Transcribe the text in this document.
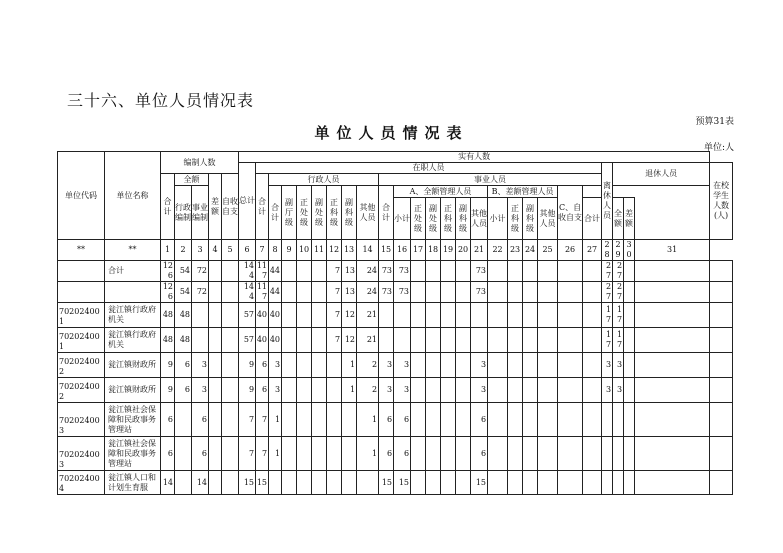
三十六、单位人员情况表
预算31表
单位人员情况表
单位:人
单位代码	单位名称	编制人数					实有人数																										
							总计	在职人员																					离休人员	退休人员			在校学生人数(人)
		合计	全额		差额	自收自支		合计	行政人员							事业人员																	
			行政编制	事业编制					合计	副厅级	正处级	副处级	正科级	副科级	其他人员	合计	A、全额管理人员						B、差额管理人员				C、自收自支						
																	小计	正处级	副处级	正科级	副科级	其他人员	小计	正科级	副科级	其他人员		合计		全额	差额		
**	**	1	2	3	4	5	6	7	8	9	10	11	12	13	14	15	16	17	18	19	20	21	22	23	24	25	26	27	28	29	30	31	
	合计	126	54	72			144	117	44				7	13	24	73	73					73							27	27			
		126	54	72			144	117	44				7	13	24	73	73					73							27	27			
702024001	瓮江镇行政府机关	48	48				57	40	40				7	12	21														17	17			
702024001	瓮江镇行政府机关	48	48				57	40	40				7	12	21														17	17			
702024002	瓮江镇财政所	9	6	3			9	6	3					1	2	3	3					3							3	3			
702024002	瓮江镇财政所	9	6	3			9	6	3					1	2	3	3					3							3	3			
702024003	瓮江镇社会保障和民政事务管理站	6		6			7	7	1						1	6	6					6											
702024003	瓮江镇社会保障和民政事务管理站	6		6			7	7	1						1	6	6					6											
702024004	瓮江镇人口和计划生育服	14		14			15	15								15	15					15											
